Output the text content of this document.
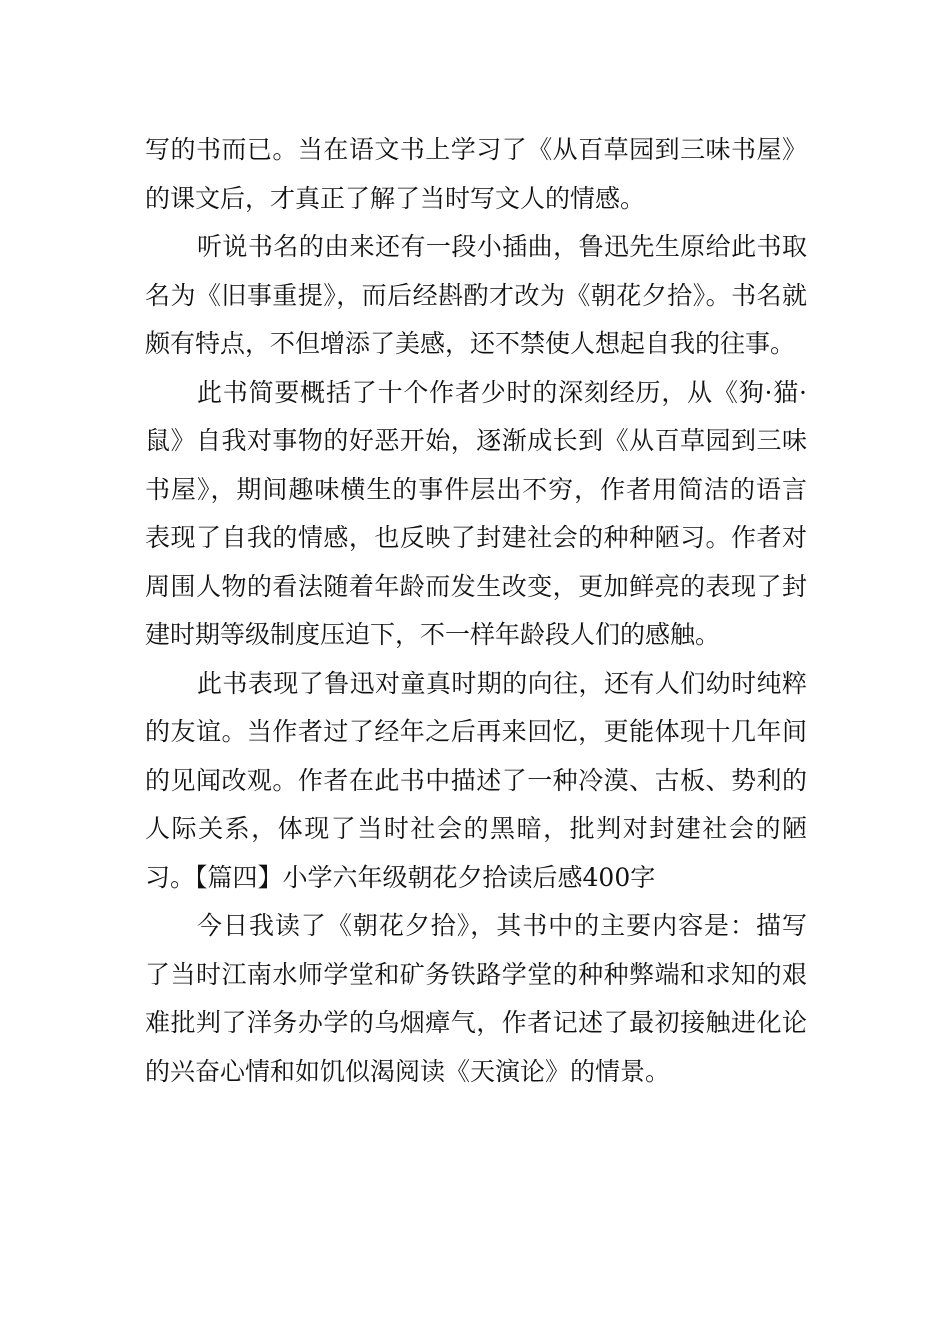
写的书而已。当在语文书上学习了《从百草园到三味书屋》的课文后，才真正了解了当时写文人的情感。

听说书名的由来还有一段小插曲，鲁迅先生原给此书取名为《旧事重提》，而后经斟酌才改为《朝花夕拾》。书名就颇有特点，不但增添了美感，还不禁使人想起自我的往事。

此书简要概括了十个作者少时的深刻经历，从《狗·猫·鼠》自我对事物的好恶开始，逐渐成长到《从百草园到三味书屋》，期间趣味横生的事件层出不穷，作者用简洁的语言表现了自我的情感，也反映了封建社会的种种陋习。作者对周围人物的看法随着年龄而发生改变，更加鲜亮的表现了封建时期等级制度压迫下，不一样年龄段人们的感触。

此书表现了鲁迅对童真时期的向往，还有人们幼时纯粹的友谊。当作者过了经年之后再来回忆，更能体现十几年间的见闻改观。作者在此书中描述了一种冷漠、古板、势利的人际关系，体现了当时社会的黑暗，批判对封建社会的陋习。【篇四】小学六年级朝花夕拾读后感400字

今日我读了《朝花夕拾》，其书中的主要内容是：描写了当时江南水师学堂和矿务铁路学堂的种种弊端和求知的艰难批判了洋务办学的乌烟瘴气，作者记述了最初接触进化论的兴奋心情和如饥似渴阅读《天演论》的情景。
